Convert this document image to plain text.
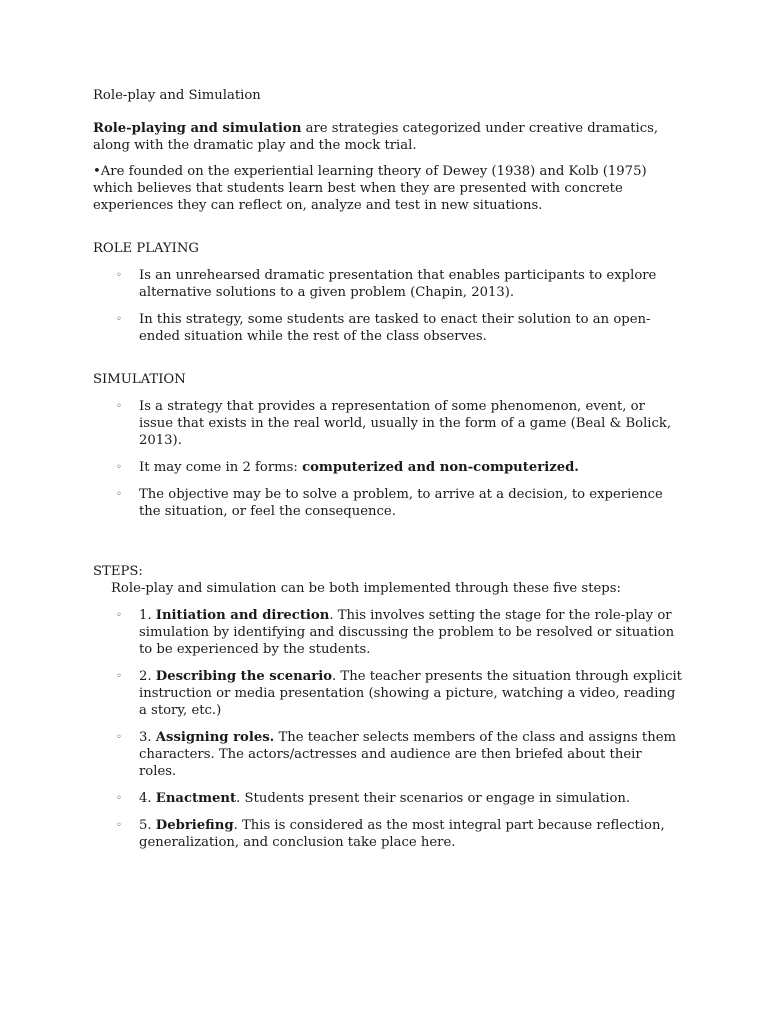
Role-play and Simulation

Role-playing and simulation are strategies categorized under creative dramatics, along with the dramatic play and the mock trial.

•Are founded on the experiential learning theory of Dewey (1938) and Kolb (1975) which believes that students learn best when they are presented with concrete experiences they can reflect on, analyze and test in new situations.

ROLE PLAYING

◦ Is an unrehearsed dramatic presentation that enables participants to explore alternative solutions to a given problem (Chapin, 2013).
◦ In this strategy, some students are tasked to enact their solution to an open-ended situation while the rest of the class observes.

SIMULATION

◦ Is a strategy that provides a representation of some phenomenon, event, or issue that exists in the real world, usually in the form of a game (Beal & Bolick, 2013).
◦ It may come in 2 forms: computerized and non-computerized.
◦ The objective may be to solve a problem, to arrive at a decision, to experience the situation, or feel the consequence.

STEPS:

Role-play and simulation can be both implemented through these five steps:

◦ 1. Initiation and direction. This involves setting the stage for the role-play or simulation by identifying and discussing the problem to be resolved or situation to be experienced by the students.
◦ 2. Describing the scenario. The teacher presents the situation through explicit instruction or media presentation (showing a picture, watching a video, reading a story, etc.)
◦ 3. Assigning roles. The teacher selects members of the class and assigns them characters. The actors/actresses and audience are then briefed about their roles.
◦ 4. Enactment. Students present their scenarios or engage in simulation.
◦ 5. Debriefing. This is considered as the most integral part because reflection, generalization, and conclusion take place here.
